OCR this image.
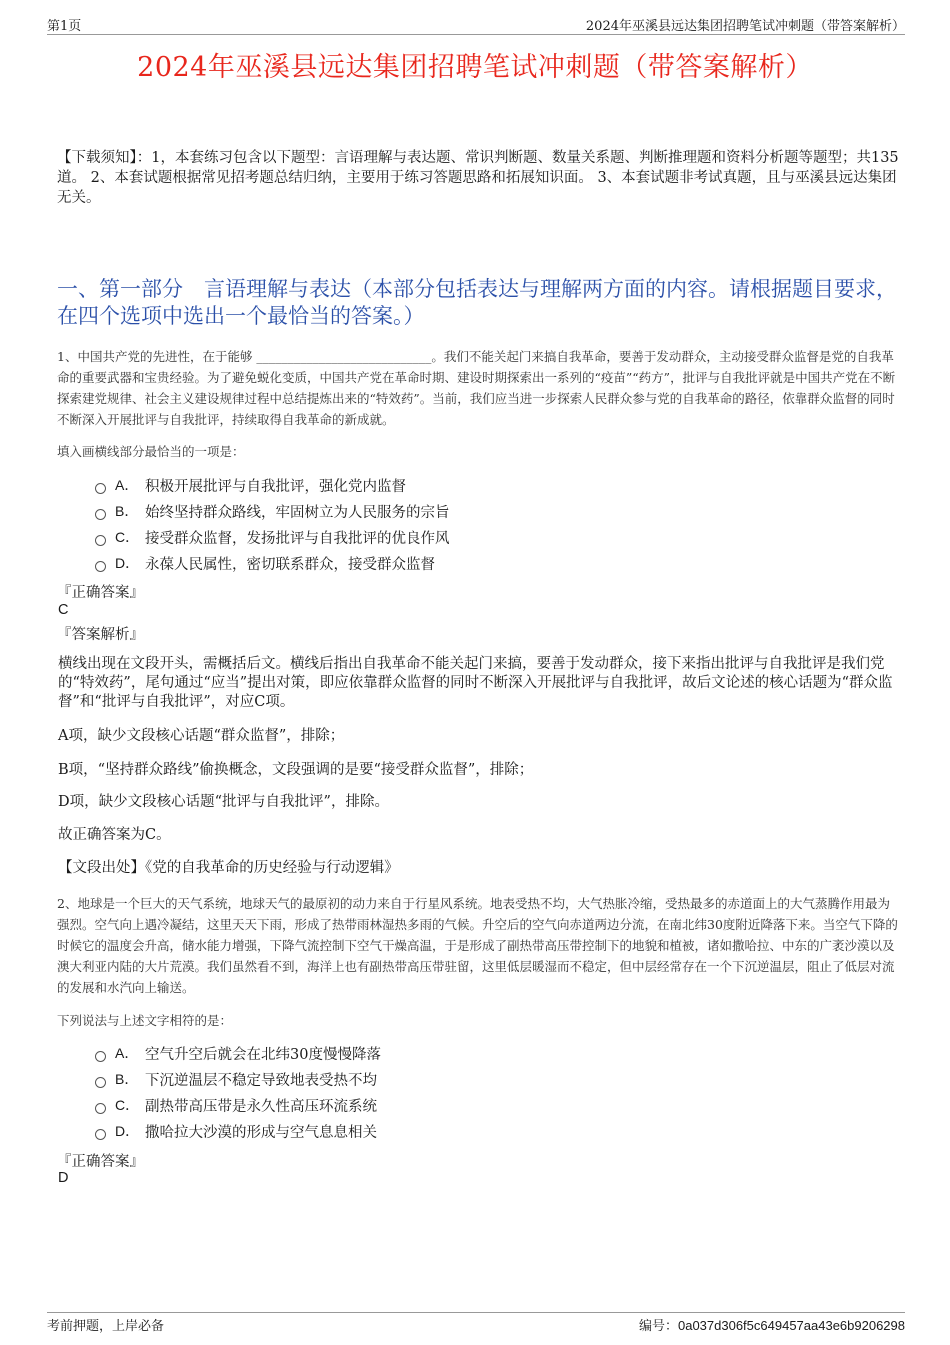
第1页	2024年巫溪县远达集团招聘笔试冲刺题（带答案解析）
2024年巫溪县远达集团招聘笔试冲刺题（带答案解析）
【下载须知】：1，本套练习包含以下题型：言语理解与表达题、常识判断题、数量关系题、判断推理题和资料分析题等题型；共135道。 2、本套试题根据常见招考题总结归纳，主要用于练习答题思路和拓展知识面。 3、本套试题非考试真题，且与巫溪县远达集团无关。
一、第一部分　言语理解与表达（本部分包括表达与理解两方面的内容。请根据题目要求，在四个选项中选出一个最恰当的答案。）
1、中国共产党的先进性，在于能够 ____________________________。我们不能关起门来搞自我革命，要善于发动群众，主动接受群众监督是党的自我革命的重要武器和宝贵经验。为了避免蜕化变质，中国共产党在革命时期、建设时期探索出一系列的“疫苗”“药方”，批评与自我批评就是中国共产党在不断探索建党规律、社会主义建设规律过程中总结提炼出来的“特效药”。当前，我们应当进一步探索人民群众参与党的自我革命的路径，依靠群众监督的同时不断深入开展批评与自我批评，持续取得自我革命的新成就。
填入画横线部分最恰当的一项是：
A． 积极开展批评与自我批评，强化党内监督
B． 始终坚持群众路线，牢固树立为人民服务的宗旨
C． 接受群众监督，发扬批评与自我批评的优良作风
D． 永葆人民属性，密切联系群众，接受群众监督
『正确答案』
C
『答案解析』
横线出现在文段开头，需概括后文。横线后指出自我革命不能关起门来搞，要善于发动群众，接下来指出批评与自我批评是我们党的“特效药”，尾句通过“应当”提出对策，即应依靠群众监督的同时不断深入开展批评与自我批评，故后文论述的核心话题为“群众监督”和“批评与自我批评”，对应C项。
A项，缺少文段核心话题“群众监督”，排除；
B项，“坚持群众路线”偷换概念，文段强调的是要“接受群众监督”，排除；
D项，缺少文段核心话题“批评与自我批评”，排除。
故正确答案为C。
【文段出处】《党的自我革命的历史经验与行动逻辑》
2、地球是一个巨大的天气系统，地球天气的最原初的动力来自于行星风系统。地表受热不均，大气热胀冷缩，受热最多的赤道面上的大气蒸腾作用最为强烈。空气向上遇冷凝结，这里天天下雨，形成了热带雨林湿热多雨的气候。升空后的空气向赤道两边分流，在南北纬30度附近降落下来。当空气下降的时候它的温度会升高，储水能力增强，下降气流控制下空气干燥高温，于是形成了副热带高压带控制下的地貌和植被，诸如撒哈拉、中东的广袤沙漠以及澳大利亚内陆的大片荒漠。我们虽然看不到，海洋上也有副热带高压带驻留，这里低层暖湿而不稳定，但中层经常存在一个下沉逆温层，阻止了低层对流的发展和水汽向上输送。
下列说法与上述文字相符的是：
A． 空气升空后就会在北纬30度慢慢降落
B． 下沉逆温层不稳定导致地表受热不均
C． 副热带高压带是永久性高压环流系统
D． 撒哈拉大沙漠的形成与空气息息相关
『正确答案』
D
考前押题，上岸必备	编号：0a037d306f5c649457aa43e6b9206298
